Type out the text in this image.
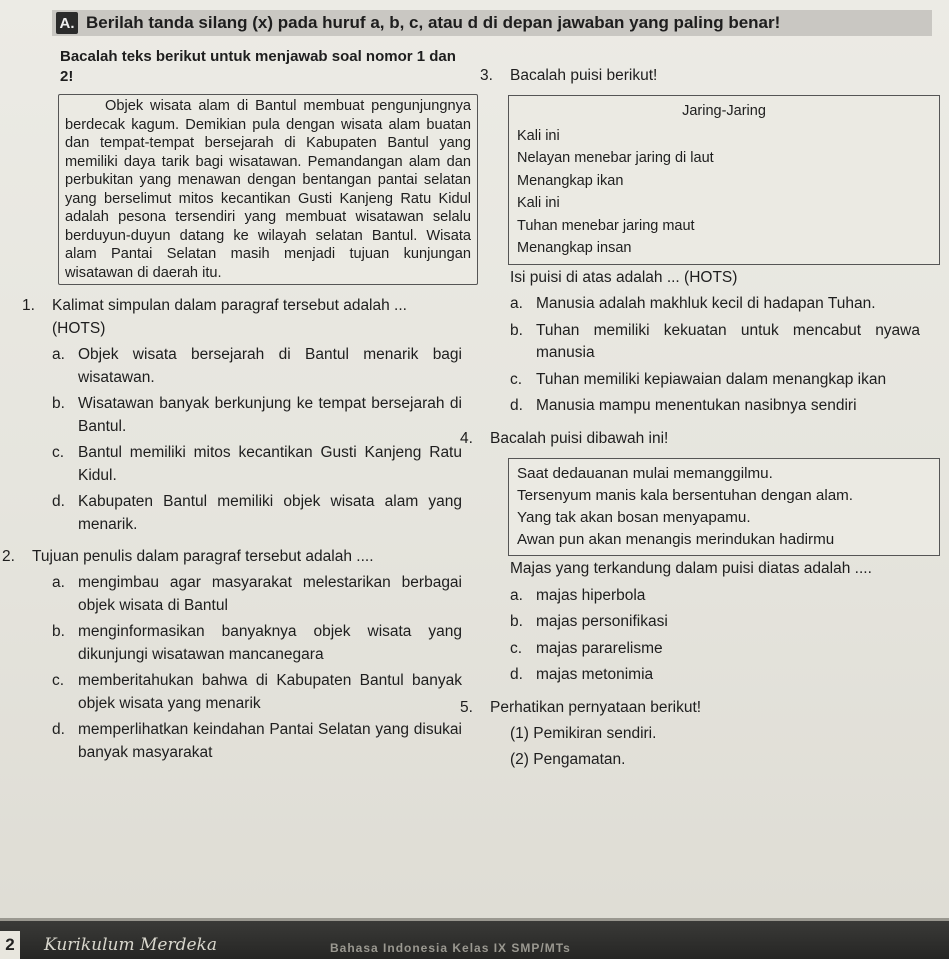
A. Berilah tanda silang (x) pada huruf a, b, c, atau d di depan jawaban yang paling benar!
Bacalah teks berikut untuk menjawab soal nomor 1 dan 2!
Objek wisata alam di Bantul membuat pengunjungnya berdecak kagum. Demikian pula dengan wisata alam buatan dan tempat-tempat bersejarah di Kabupaten Bantul yang memiliki daya tarik bagi wisatawan. Pemandangan alam dan perbukitan yang menawan dengan bentangan pantai selatan yang berselimut mitos kecantikan Gusti Kanjeng Ratu Kidul adalah pesona tersendiri yang membuat wisatawan selalu berduyun-duyun datang ke wilayah selatan Bantul. Wisata alam Pantai Selatan masih menjadi tujuan kunjungan wisatawan di daerah itu.
1.	Kalimat simpulan dalam paragraf tersebut adalah ... (HOTS)
a. Objek wisata bersejarah di Bantul menarik bagi wisatawan.
b. Wisatawan banyak berkunjung ke tempat bersejarah di Bantul.
c. Bantul memiliki mitos kecantikan Gusti Kanjeng Ratu Kidul.
d. Kabupaten Bantul memiliki objek wisata alam yang menarik.
2.	Tujuan penulis dalam paragraf tersebut adalah ....
a. mengimbau agar masyarakat melestarikan berbagai objek wisata di Bantul
b. menginformasikan banyaknya objek wisata yang dikunjungi wisatawan mancanegara
c. memberitahukan bahwa di Kabupaten Bantul banyak objek wisata yang menarik
d. memperlihatkan keindahan Pantai Selatan yang disukai banyak masyarakat
3.	Bacalah puisi berikut!
Jaring-Jaring
Kali ini
Nelayan menebar jaring di laut
Menangkap ikan
Kali ini
Tuhan menebar jaring maut
Menangkap insan
Isi puisi di atas adalah ... (HOTS)
a. Manusia adalah makhluk kecil di hadapan Tuhan.
b. Tuhan memiliki kekuatan untuk mencabut nyawa manusia
c. Tuhan memiliki kepiawaian dalam menangkap ikan
d. Manusia mampu menentukan nasibnya sendiri
4.	Bacalah puisi dibawah ini!
Saat dedauanan mulai memanggilmu.
Tersenyum manis kala bersentuhan dengan alam.
Yang tak akan bosan menyapamu.
Awan pun akan menangis merindukan hadirmu
Majas yang terkandung dalam puisi diatas adalah ....
a. majas hiperbola
b. majas personifikasi
c. majas pararelisme
d. majas metonimia
5.	Perhatikan pernyataan berikut!
(1) Pemikiran sendiri.
(2) Pengamatan.
2	Kurikulum Merdeka	Bahasa Indonesia Kelas IX SMP/MTs
